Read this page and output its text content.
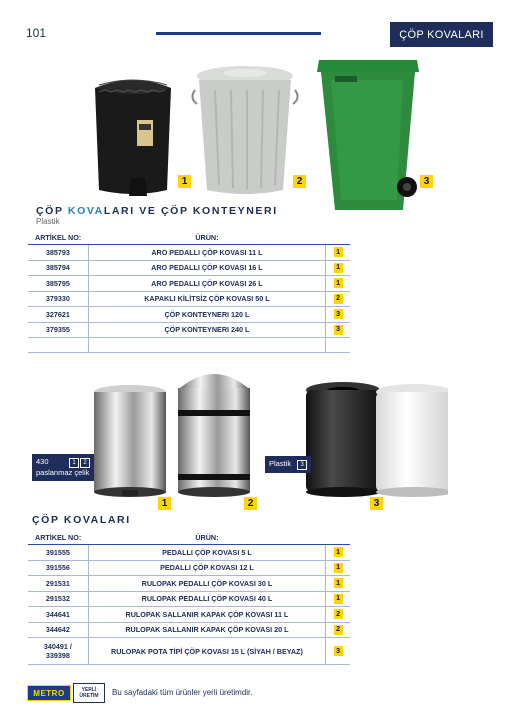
101	ÇÖP KOVALARI
1	2	3
ÇÖP KOVALARI VE ÇÖP KONTEYNERI
Plastik
ARTİKEL NO:	ÜRÜN:	
385793	ARO PEDALLI ÇÖP KOVASI 11 L	1

385794	ARO PEDALLI ÇÖP KOVASI 16 L	1

385795	ARO PEDALLI ÇÖP KOVASI 26 L	1

379330	KAPAKLI KİLİTSİZ ÇÖP KOVASI 50 L	2

327621	ÇÖP KONTEYNERI 120 L	3

379355	ÇÖP KONTEYNERI 240 L	3

1	2	3
430	1 2
paslanmaz çelik
Plastik 3
ÇÖP KOVALARI
ARTİKEL NO:	ÜRÜN:	
391555	PEDALLI ÇÖP KOVASI 5 L	1

391556	PEDALLI ÇÖP KOVASI 12 L	1

291531	RULOPAK PEDALLI ÇÖP KOVASI 30 L	1

291532	RULOPAK PEDALLI ÇÖP KOVASI 40 L	1

344641	RULOPAK SALLANIR KAPAK ÇÖP KOVASI 11 L	2

344642	RULOPAK SALLANIR KAPAK ÇÖP KOVASI 20 L	2

340491 /
339398	RULOPAK POTA TİPİ ÇÖP KOVASI 15 L (SİYAH / BEYAZ)	3
METRO	YERLİ
ÜRETİM Bu sayfadaki tüm ürünler yerli üretimdir.
